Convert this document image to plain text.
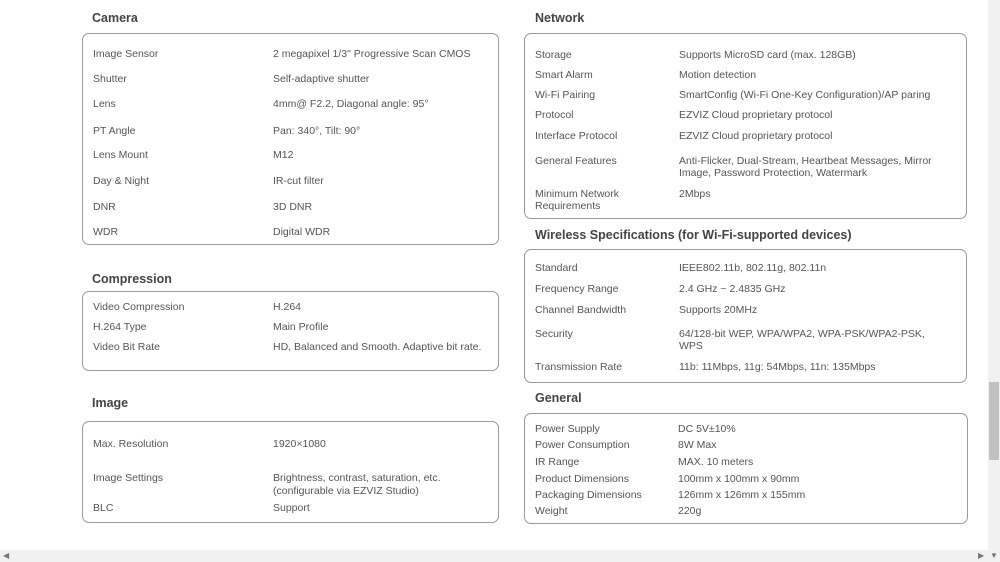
Camera
Image Sensor	2 megapixel 1/3" Progressive Scan CMOS
Shutter	Self-adaptive shutter
Lens	4mm@ F2.2, Diagonal angle: 95°
PT Angle	Pan: 340°, Tilt: 90°
Lens Mount	M12
Day & Night	IR-cut filter
DNR	3D DNR
WDR	Digital WDR
Compression
Video Compression	H.264
H.264 Type	Main Profile
Video Bit Rate	HD, Balanced and Smooth. Adaptive bit rate.
Image
Max. Resolution	1920×1080
Image Settings	Brightness, contrast, saturation, etc.
(configurable via EZVIZ Studio)
BLC	Support
Network
Storage	Supports MicroSD card (max. 128GB)
Smart Alarm	Motion detection
Wi-Fi Pairing	SmartConfig (Wi-Fi One-Key Configuration)/AP paring
Protocol	EZVIZ Cloud proprietary protocol
Interface Protocol	EZVIZ Cloud proprietary protocol
General Features	Anti-Flicker, Dual-Stream, Heartbeat Messages, Mirror
Image, Password Protection, Watermark
Minimum Network	2Mbps
Requirements
Wireless Specifications (for Wi-Fi-supported devices)
Standard	IEEE802.11b, 802.11g, 802.11n
Frequency Range	2.4 GHz ~ 2.4835 GHz
Channel Bandwidth	Supports 20MHz
Security	64/128-bit WEP, WPA/WPA2, WPA-PSK/WPA2-PSK,
WPS
Transmission Rate	11b: 11Mbps, 11g: 54Mbps, 11n: 135Mbps
General
Power Supply	DC 5V±10%
Power Consumption	8W Max
IR Range	MAX. 10 meters
Product Dimensions	100mm x 100mm x 90mm
Packaging Dimensions	126mm x 126mm x 155mm
Weight	220g
◀	▶ ▼
